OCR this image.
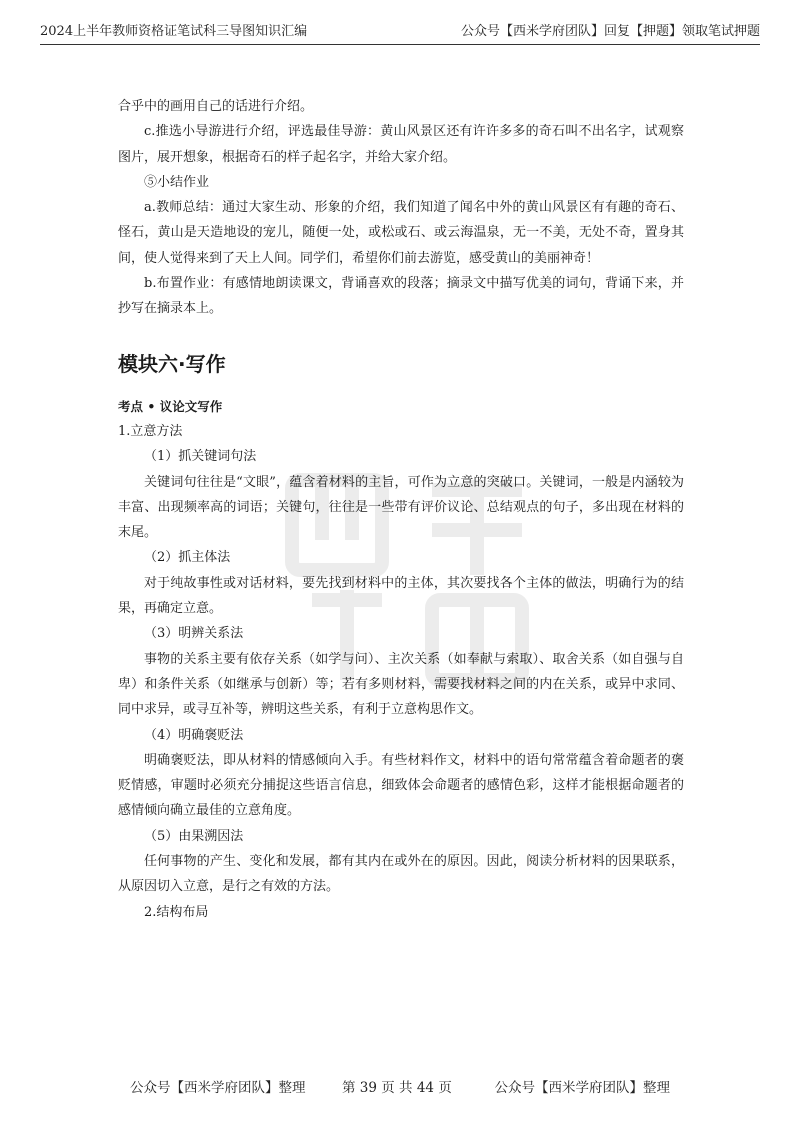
2024上半年教师资格证笔试科三导图知识汇编	公众号【西米学府团队】回复【押题】领取笔试押题

合乎中的画用自己的话进行介绍。

c.推选小导游进行介绍，评选最佳导游：黄山风景区还有许许多多的奇石叫不出名字，试观察图片，展开想象，根据奇石的样子起名字，并给大家介绍。

⑤小结作业

a.教师总结：通过大家生动、形象的介绍，我们知道了闻名中外的黄山风景区有有趣的奇石、怪石，黄山是天造地设的宠儿，随便一处，或松或石、或云海温泉，无一不美，无处不奇，置身其间，使人觉得来到了天上人间。同学们，希望你们前去游览，感受黄山的美丽神奇！

b.布置作业：有感情地朗读课文，背诵喜欢的段落；摘录文中描写优美的词句，背诵下来，并抄写在摘录本上。

模块六·写作

考点 • 议论文写作

1.立意方法

（1）抓关键词句法

关键词句往往是“文眼”，蕴含着材料的主旨，可作为立意的突破口。关键词，一般是内涵较为丰富、出现频率高的词语；关键句，往往是一些带有评价议论、总结观点的句子，多出现在材料的末尾。

（2）抓主体法

对于纯故事性或对话材料，要先找到材料中的主体，其次要找各个主体的做法，明确行为的结果，再确定立意。

（3）明辨关系法

事物的关系主要有依存关系（如学与问）、主次关系（如奉献与索取）、取舍关系（如自强与自卑）和条件关系（如继承与创新）等；若有多则材料，需要找材料之间的内在关系，或异中求同、同中求异，或寻互补等，辨明这些关系，有利于立意构思作文。

（4）明确褒贬法

明确褒贬法，即从材料的情感倾向入手。有些材料作文，材料中的语句常常蕴含着命题者的褒贬情感，审题时必须充分捕捉这些语言信息，细致体会命题者的感情色彩，这样才能根据命题者的感情倾向确立最佳的立意角度。

（5）由果溯因法

任何事物的产生、变化和发展，都有其内在或外在的原因。因此，阅读分析材料的因果联系，从原因切入立意，是行之有效的方法。

2.结构布局

公众号【西米学府团队】整理	第 39 页 共 44 页	公众号【西米学府团队】整理
